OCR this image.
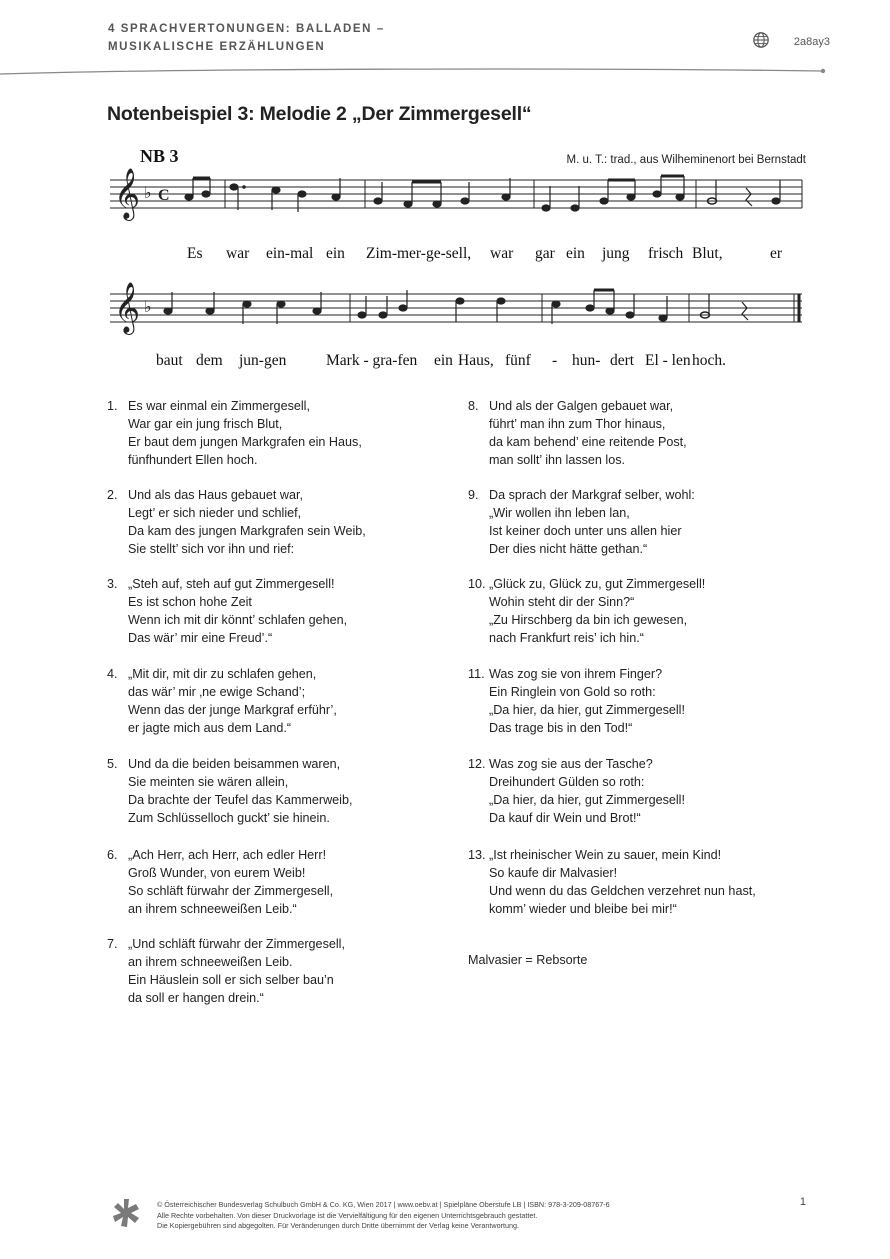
4 SPRACHVERTONUNGEN: BALLADEN –
MUSIKALISCHE ERZÄHLUNGEN	2a8ay3
Notenbeispiel 3: Melodie 2 „Der Zimmergesell“
NB 3	M. u. T.: trad., aus Wilheminenort bei Bernstadt
𝄞 ♭ C
Es war ein-mal ein Zim-mer-ge-sell, war gar ein jung frisch Blut,	er
𝄞 ♭
baut dem jun-gen	Mark - gra-fen ein Haus, fünf - hun- dert El - len hoch.
1. Es war einmal ein Zimmergesell,
War gar ein jung frisch Blut,
Er baut dem jungen Markgrafen ein Haus,
fünfhundert Ellen hoch.
2. Und als das Haus gebauet war,
Legt’ er sich nieder und schlief,
Da kam des jungen Markgrafen sein Weib,
Sie stellt’ sich vor ihn und rief:
3. „Steh auf, steh auf gut Zimmergesell!
Es ist schon hohe Zeit
Wenn ich mit dir könnt’ schlafen gehen,
Das wär’ mir eine Freud’.“
4. „Mit dir, mit dir zu schlafen gehen,
das wär’ mir ‚ne ewige Schand’;
Wenn das der junge Markgraf erführ’,
er jagte mich aus dem Land.“
5. Und da die beiden beisammen waren,
Sie meinten sie wären allein,
Da brachte der Teufel das Kammerweib,
Zum Schlüsselloch guckt’ sie hinein.
6. „Ach Herr, ach Herr, ach edler Herr!
Groß Wunder, von eurem Weib!
So schläft fürwahr der Zimmergesell,
an ihrem schneeweißen Leib.“
7. „Und schläft fürwahr der Zimmergesell,
an ihrem schneeweißen Leib.
Ein Häuslein soll er sich selber bau’n
da soll er hangen drein.“
8. Und als der Galgen gebauet war,
führt’ man ihn zum Thor hinaus,
da kam behend’ eine reitende Post,
man sollt’ ihn lassen los.
9. Da sprach der Markgraf selber, wohl:
„Wir wollen ihn leben lan,
Ist keiner doch unter uns allen hier
Der dies nicht hätte gethan.“
10. „Glück zu, Glück zu, gut Zimmergesell!
Wohin steht dir der Sinn?“
„Zu Hirschberg da bin ich gewesen,
nach Frankfurt reis’ ich hin.“
11. Was zog sie von ihrem Finger?
Ein Ringlein von Gold so roth:
„Da hier, da hier, gut Zimmergesell!
Das trage bis in den Tod!“
12. Was zog sie aus der Tasche?
Dreihundert Gülden so roth:
„Da hier, da hier, gut Zimmergesell!
Da kauf dir Wein und Brot!“
13. „Ist rheinischer Wein zu sauer, mein Kind!
So kaufe dir Malvasier!
Und wenn du das Geldchen verzehret nun hast,
komm’ wieder und bleibe bei mir!“
Malvasier = Rebsorte
© Österreichischer Bundesverlag Schulbuch GmbH & Co. KG, Wien 2017 | www.oebv.at | Spielpläne Oberstufe LB | ISBN: 978-3-209-08767-6
Alle Rechte vorbehalten. Von dieser Druckvorlage ist die Vervielfältigung für den eigenen Unterrichtsgebrauch gestattet.
Die Kopiergebühren sind abgegolten. Für Veränderungen durch Dritte übernimmt der Verlag keine Verantwortung.
1
